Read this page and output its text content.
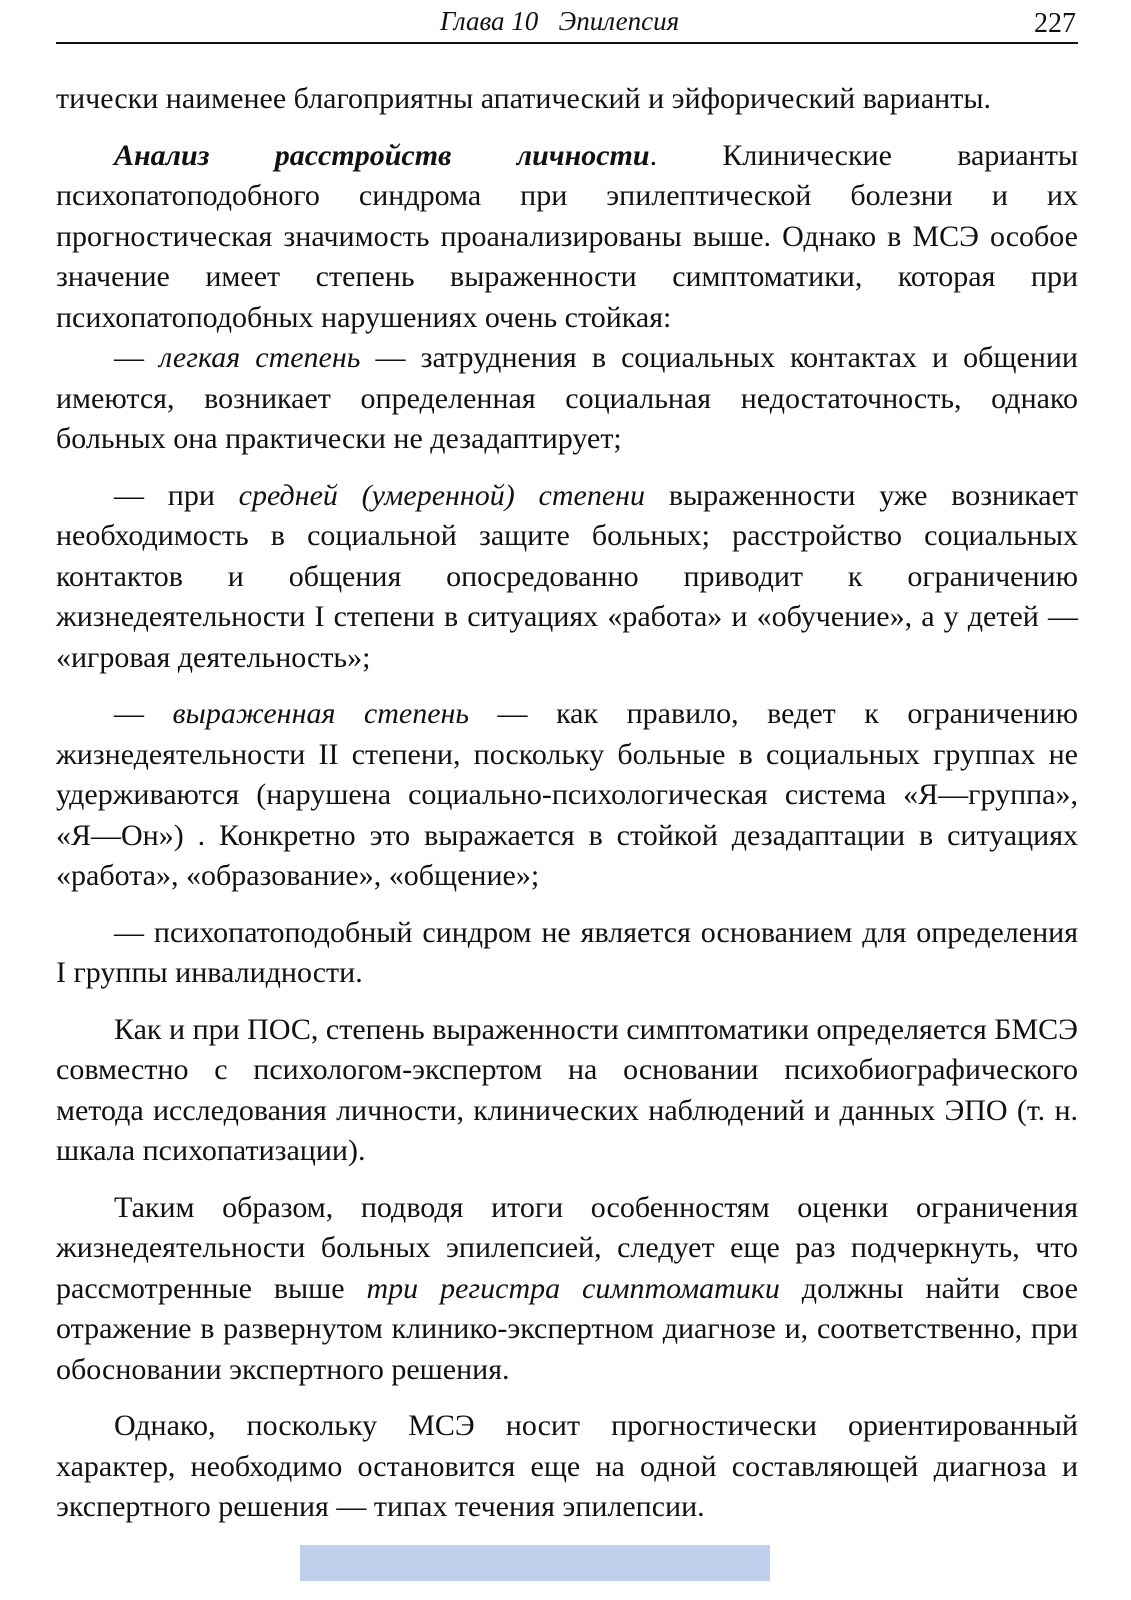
Глава 10   Эпилепсия	227

тически наименее благоприятны апатический и эйфорический варианты.

Анализ расстройств личности. Клинические варианты психопатоподобного синдрома при эпилептической болезни и их прогностическая значимость проанализированы выше. Однако в МСЭ особое значение имеет степень выраженности симптоматики, которая при психопатоподобных нарушениях очень стойкая:

— легкая степень — затруднения в социальных контактах и общении имеются, возникает определенная социальная недостаточность, однако больных она практически не дезадаптирует;

— при средней (умеренной) степени выраженности уже возникает необходимость в социальной защите больных; расстройство социальных контактов и общения опосредованно приводит к ограничению жизнедеятельности I степени в ситуациях «работа» и «обучение», а у детей — «игровая деятельность»;

— выраженная степень — как правило, ведет к ограничению жизнедеятельности II степени, поскольку больные в социальных группах не удерживаются (нарушена социально-психологическая система «Я—группа», «Я—Он») . Конкретно это выражается в стойкой дезадаптации в ситуациях «работа», «образование», «общение»;

— психопатоподобный синдром не является основанием для определения I группы инвалидности.

Как и при ПОС, степень выраженности симптоматики определяется БМСЭ совместно с психологом-экспертом на основании психобиографического метода исследования личности, клинических наблюдений и данных ЭПО (т. н. шкала психопатизации).

Таким образом, подводя итоги особенностям оценки ограничения жизнедеятельности больных эпилепсией, следует еще раз подчеркнуть, что рассмотренные выше три регистра симптоматики должны найти свое отражение в развернутом клинико-экспертном диагнозе и, соответственно, при обосновании экспертного решения.

Однако, поскольку МСЭ носит прогностически ориентированный характер, необходимо остановится еще на одной составляющей диагноза и экспертного решения — типах течения эпилепсии.
